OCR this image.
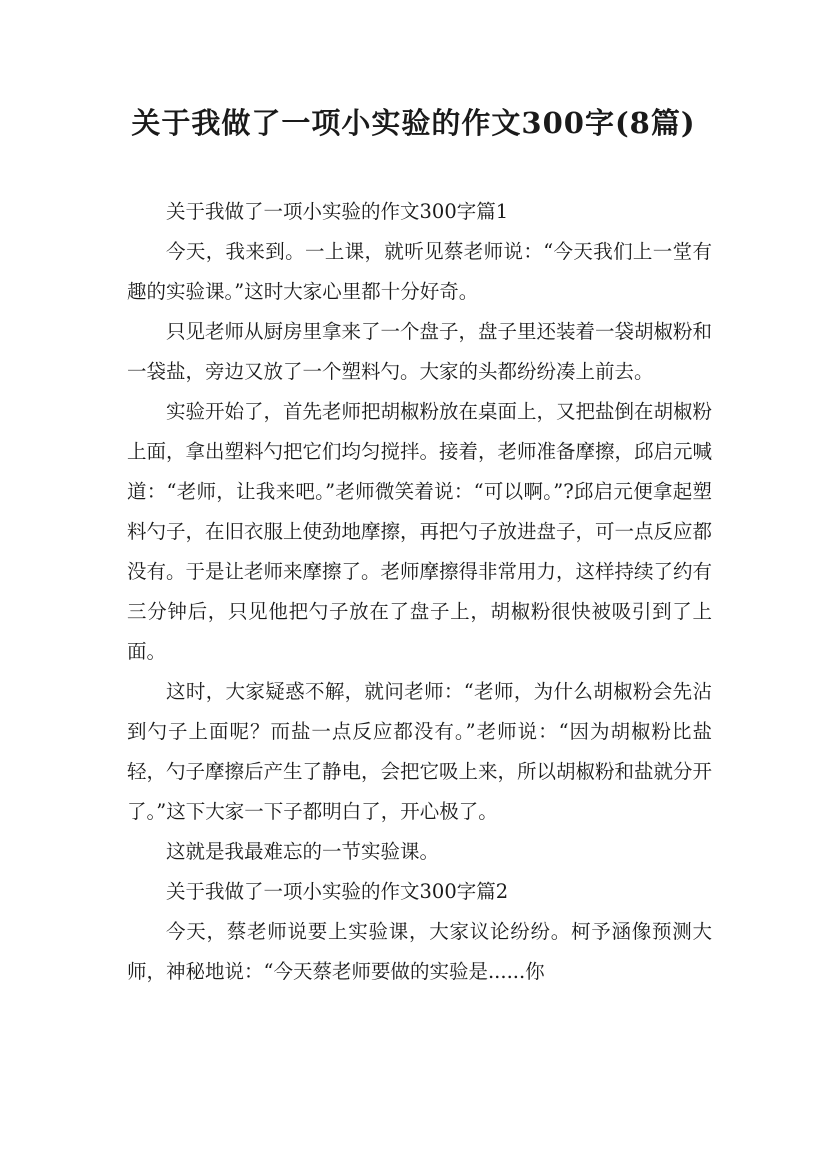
关于我做了一项小实验的作文300字(8篇)

关于我做了一项小实验的作文300字篇1

今天，我来到。一上课，就听见蔡老师说：“今天我们上一堂有趣的实验课。”这时大家心里都十分好奇。

只见老师从厨房里拿来了一个盘子，盘子里还装着一袋胡椒粉和一袋盐，旁边又放了一个塑料勺。大家的头都纷纷凑上前去。

实验开始了，首先老师把胡椒粉放在桌面上，又把盐倒在胡椒粉上面，拿出塑料勺把它们均匀搅拌。接着，老师准备摩擦，邱启元喊道：“老师，让我来吧。”老师微笑着说：“可以啊。”?邱启元便拿起塑料勺子，在旧衣服上使劲地摩擦，再把勺子放进盘子，可一点反应都没有。于是让老师来摩擦了。老师摩擦得非常用力，这样持续了约有三分钟后，只见他把勺子放在了盘子上，胡椒粉很快被吸引到了上面。

这时，大家疑惑不解，就问老师：“老师，为什么胡椒粉会先沾到勺子上面呢？而盐一点反应都没有。”老师说：“因为胡椒粉比盐轻，勺子摩擦后产生了静电，会把它吸上来，所以胡椒粉和盐就分开了。”这下大家一下子都明白了，开心极了。

这就是我最难忘的一节实验课。

关于我做了一项小实验的作文300字篇2

今天，蔡老师说要上实验课，大家议论纷纷。柯予涵像预测大师，神秘地说：“今天蔡老师要做的实验是......你
